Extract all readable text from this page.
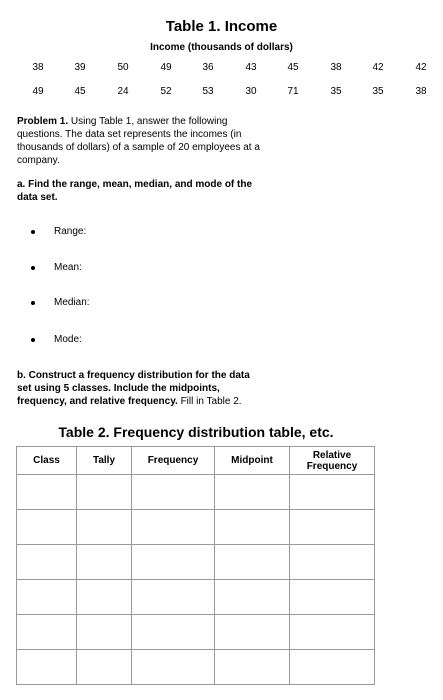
Table 1. Income
Income (thousands of dollars)
38	39	50	49	36	43	45	38	42	42
49	45	24	52	53	30	71	35	35	38
Problem 1. Using Table 1, answer the following questions. The data set represents the incomes (in thousands of dollars) of a sample of 20 employees at a company.
a. Find the range, mean, median, and mode of the data set.
Range:
Mean:
Median:
Mode:
b. Construct a frequency distribution for the data set using 5 classes. Include the midpoints, frequency, and relative frequency. Fill in Table 2.
Table 2. Frequency distribution table, etc.
Class	Tally	Frequency	Midpoint	Relative Frequency
